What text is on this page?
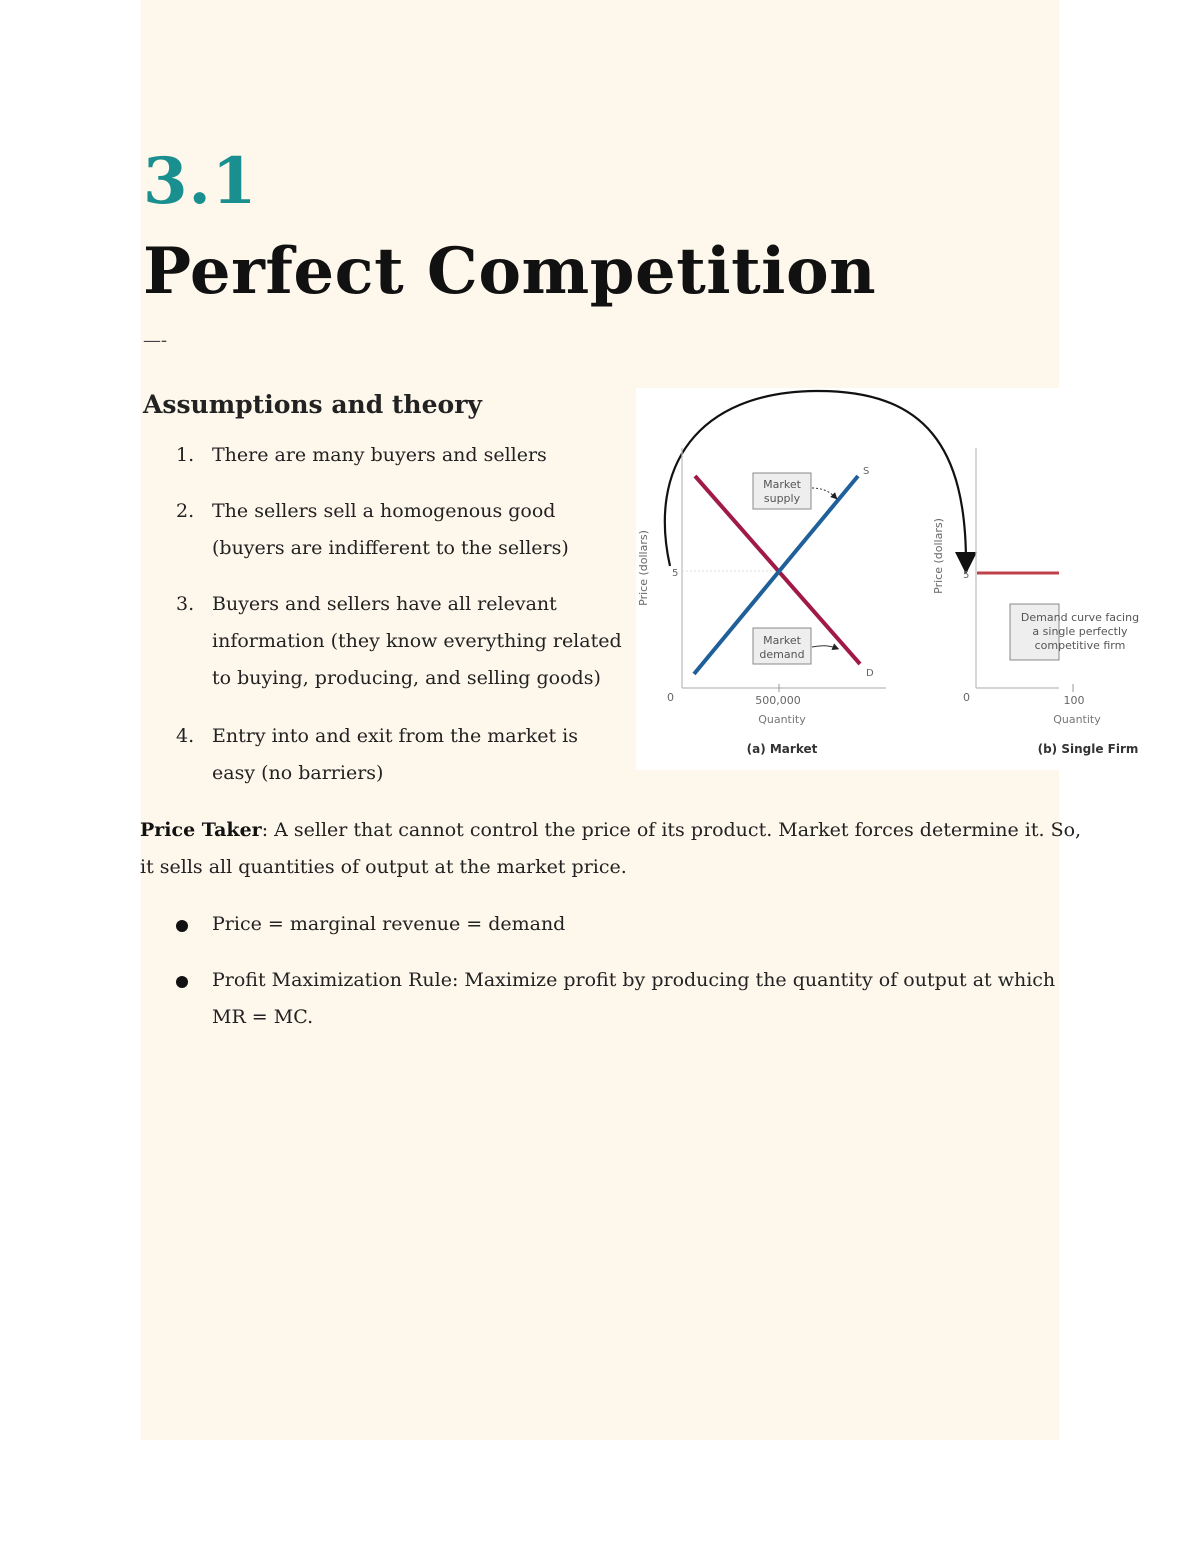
3.1
Perfect Competition
—-
Assumptions and theory
1. There are many buyers and sellers
2. The sellers sell a homogenous good
(buyers are indifferent to the sellers)
3. Buyers and sellers have all relevant
information (they know everything related
to buying, producing, and selling goods)
4. Entry into and exit from the market is
easy (no barriers)
Price (dollars) 5
0	500,000
Quantity
(a) Market
S
D
Market
supply
Market
demand
Price (dollars) 5
0	100
Quantity
(b) Single Firm
Demand curve facing
a single perfectly
competitive firm
Price Taker: A seller that cannot control the price of its product. Market forces determine it. So,
it sells all quantities of output at the market price.
Price = marginal revenue = demand
Profit Maximization Rule: Maximize profit by producing the quantity of output at which
MR = MC.
